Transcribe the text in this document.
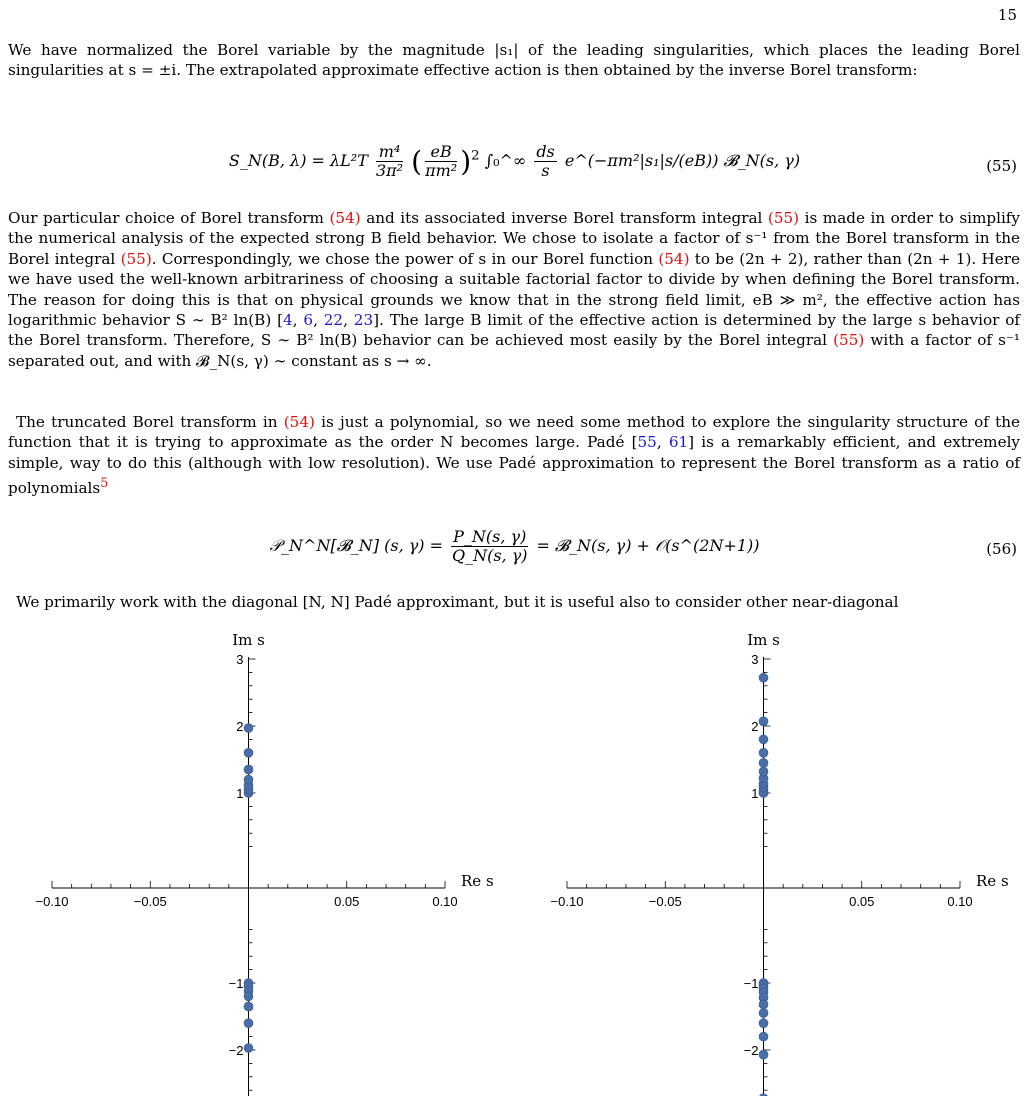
15

We have normalized the Borel variable by the magnitude |s₁| of the leading singularities, which places the leading Borel singularities at s = ±i. The extrapolated approximate effective action is then obtained by the inverse Borel transform:

S_N(B, $\lambda) = \lambda L^2T \frac{\text{m⁴}}{\text{3π²}}$ ( $\frac{eB}{\text{πm²}} )^2$ ∫₀^∞ $\frac{ds}{s}$ e^(−πm²|s₁|s/(eB)) 𝓑_N(s, γ)	(55)

Our particular choice of Borel transform (54) and its associated inverse Borel transform integral (55) is made in order to simplify the numerical analysis of the expected strong B field behavior. We chose to isolate a factor of s⁻¹ from the Borel transform in the Borel integral (55). Correspondingly, we chose the power of s in our Borel function (54) to be (2n + 2), rather than (2n + 1). Here we have used the well-known arbitrariness of choosing a suitable factorial factor to divide by when defining the Borel transform. The reason for doing this is that on physical grounds we know that in the strong field limit, eB ≫ m², the effective action has logarithmic behavior S ∼ B² ln(B) [4, 6, 22, 23]. The large B limit of the effective action is determined by the large s behavior of the Borel transform. Therefore, S ∼ B² ln(B) behavior can be achieved most easily by the Borel integral (55) with a factor of s⁻¹ separated out, and with 𝓑_N(s, γ) ∼ constant as s → ∞.

The truncated Borel transform in (54) is just a polynomial, so we need some method to explore the singularity structure of the function that it is trying to approximate as the order N becomes large. Padé [55, 61] is a remarkably efficient, and extremely simple, way to do this (although with low resolution). We use Padé approximation to represent the Borel transform as a ratio of polynomials$^5$

𝒫_N^N[𝓑_N] (s, $\gamma) = \frac{P\_N(s, \gamma)}{Q\_N(s, \gamma)}$ = 𝓑_N(s, γ) + 𝒪(s^(2N+1))	(56)

We primarily work with the diagonal [N, N] Padé approximant, but it is useful also to consider other near-diagonal

−0.10	−0.05	0.05	0.10
3
2
1
−1
−2
Im s
Re s
−0.10	−0.05	0.05	0.10
3
2
1
−1
−2
Im s
Re s
